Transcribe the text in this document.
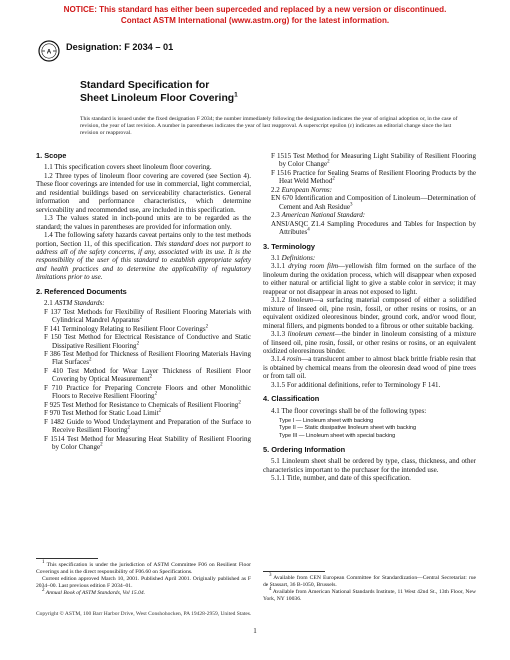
NOTICE: This standard has either been superceded and replaced by a new version or discontinued.
Contact ASTM International (www.astm.org) for the latest information.
A
Designation: F 2034 – 01
Standard Specification for
Sheet Linoleum Floor Covering$^1$
This standard is issued under the fixed designation F 2034; the number immediately following the designation indicates the year of original adoption or, in the case of revision, the year of last revision. A number in parentheses indicates the year of last reapproval. A superscript epsilon (ε) indicates an editorial change since the last revision or reapproval.

1. Scope

1.1 This specification covers sheet linoleum floor covering.

1.2 Three types of linoleum floor covering are covered (see Section 4). These floor coverings are intended for use in commercial, light commercial, and residential buildings based on serviceability characteristics. General information and performance characteristics, which determine serviceability and recommended use, are included in this specification.

1.3 The values stated in inch-pound units are to be regarded as the standard; the values in parentheses are provided for information only.

1.4 The following safety hazards caveat pertains only to the test methods portion, Section 11, of this specification. This standard does not purport to address all of the safety concerns, if any, associated with its use. It is the responsibility of the user of this standard to establish appropriate safety and health practices and to determine the applicability of regulatory limitations prior to use.

2. Referenced Documents

2.1 ASTM Standards:

F 137 Test Methods for Flexibility of Resilient Flooring Materials with Cylindrical Mandrel Apparatus$^2$

F 141 Terminology Relating to Resilient Floor Coverings$^2$

F 150 Test Method for Electrical Resistance of Conductive and Static Dissipative Resilient Flooring$^2$

F 386 Test Method for Thickness of Resilient Flooring Materials Having Flat Surfaces$^2$

F 410 Test Method for Wear Layer Thickness of Resilient Floor Covering by Optical Measurement$^2$

F 710 Practice for Preparing Concrete Floors and other Monolithic Floors to Receive Resilient Flooring$^2$

F 925 Test Method for Resistance to Chemicals of Resilient Flooring$^2$

F 970 Test Method for Static Load Limit$^2$

F 1482 Guide to Wood Underlayment and Preparation of the Surface to Receive Resilient Flooring$^2$

F 1514 Test Method for Measuring Heat Stability of Resilient Flooring by Color Change$^2$

F 1515 Test Method for Measuring Light Stability of Resilient Flooring by Color Change$^2$

F 1516 Practice for Sealing Seams of Resilient Flooring Products by the Heat Weld Method$^2$

2.2 European Norms:

EN 670 Identification and Composition of Linoleum—Determination of Cement and Ash Residue$^3$

2.3 American National Standard:

ANSI/ASQC Z1.4 Sampling Procedures and Tables for Inspection by Attributes$^4$

3. Terminology

3.1 Definitions:

3.1.1 drying room film—yellowish film formed on the surface of the linoleum during the oxidation process, which will disappear when exposed to either natural or artificial light to give a stable color in service; it may reappear or not disappear in areas not exposed to light.

3.1.2 linoleum—a surfacing material composed of either a solidified mixture of linseed oil, pine rosin, fossil, or other resins or rosins, or an equivalent oxidized oleoresinous binder, ground cork, and/or wood flour, mineral fillers, and pigments bonded to a fibrous or other suitable backing.

3.1.3 linoleum cement—the binder in linoleum consisting of a mixture of linseed oil, pine rosin, fossil, or other resins or rosins, or an equivalent oxidized oleoresinous binder.

3.1.4 rosin—a translucent amber to almost black brittle friable resin that is obtained by chemical means from the oleoresin dead wood of pine trees or from tall oil.

3.1.5 For additional definitions, refer to Terminology F 141.

4. Classification

4.1 The floor coverings shall be of the following types:

Type I — Linoleum sheet with backing
Type II — Static dissipative linoleum sheet with backing
Type III — Linoleum sheet with special backing

5. Ordering Information

5.1 Linoleum sheet shall be ordered by type, class, thickness, and other characteristics important to the purchaser for the intended use.

5.1.1 Title, number, and date of this specification.

$^1$ This specification is under the jurisdiction of ASTM Committee F06 on Resilient Floor Coverings and is the direct responsibility of F06.60 on Specifications.

Current edition approved March 10, 2001. Published April 2001. Originally published as F 2034–00. Last previous edition F 2034–01.

$^2$ Annual Book of ASTM Standards, Vol 15.04.

$^3$ Available from CEN European Committee for Standardization—Central Secretariat: rue de Stassart, 36 B-1050, Brussels.

$^4$ Available from American National Standards Institute, 11 West 42nd St., 13th Floor, New York, NY 10036.

Copyright © ASTM, 100 Barr Harbor Drive, West Conshohocken, PA 19428-2959, United States.
1
